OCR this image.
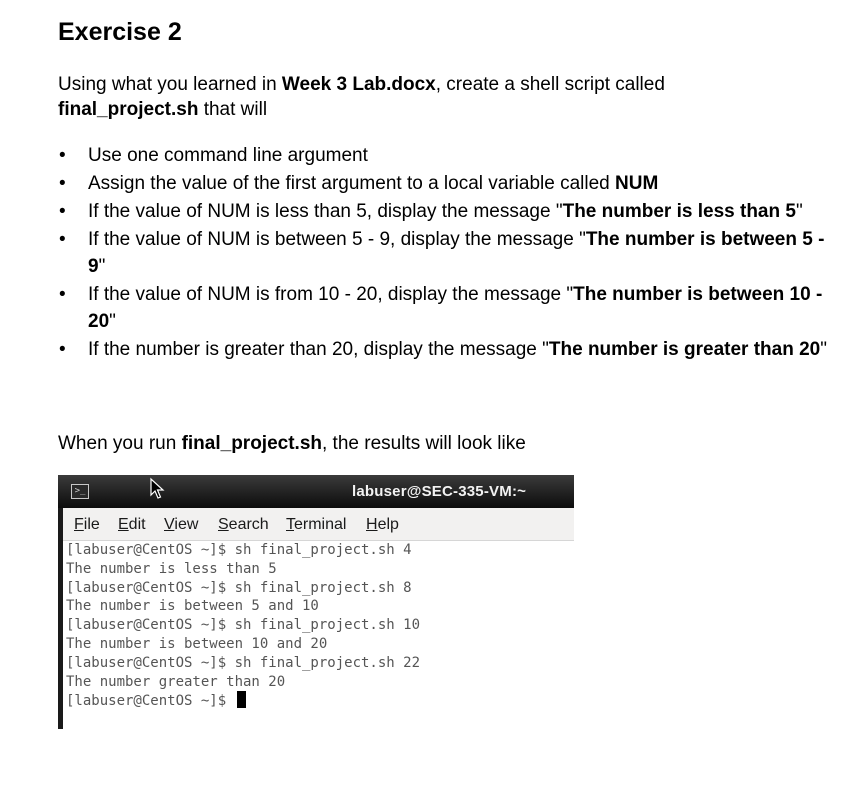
Exercise 2
Using what you learned in Week 3 Lab.docx, create a shell script called
final_project.sh that will
• Use one command line argument
• Assign the value of the first argument to a local variable called NUM
• If the value of NUM is less than 5, display the message "The number is less than 5"
• If the value of NUM is between 5 - 9, display the message "The number is between 5 - 9"
• If the value of NUM is from 10 - 20, display the message "The number is between 10 - 20"
• If the number is greater than 20, display the message "The number is greater than 20"
When you run final_project.sh, the results will look like
>_	labuser@SEC-335-VM:~
File Edit View Search Terminal Help
[labuser@CentOS ~]$ sh final_project.sh 4
The number is less than 5
[labuser@CentOS ~]$ sh final_project.sh 8
The number is between 5 and 10
[labuser@CentOS ~]$ sh final_project.sh 10
The number is between 10 and 20
[labuser@CentOS ~]$ sh final_project.sh 22
The number greater than 20
[labuser@CentOS ~]$
